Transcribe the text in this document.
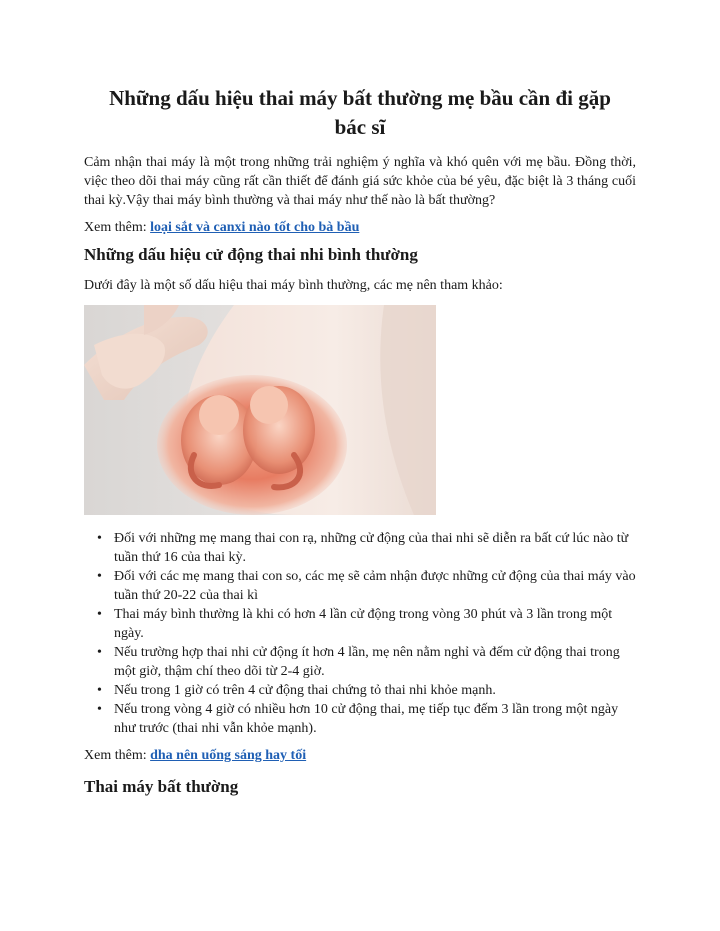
Những dấu hiệu thai máy bất thường mẹ bầu cần đi gặp bác sĩ

Cảm nhận thai máy là một trong những trải nghiệm ý nghĩa và khó quên với mẹ bầu. Đồng thời, việc theo dõi thai máy cũng rất cần thiết để đánh giá sức khỏe của bé yêu, đặc biệt là 3 tháng cuối thai kỳ.Vậy thai máy bình thường và thai máy như thế nào là bất thường?

Xem thêm: loại sắt và canxi nào tốt cho bà bầu

Những dấu hiệu cử động thai nhi bình thường

Dưới đây là một số dấu hiệu thai máy bình thường, các mẹ nên tham khảo:

• Đối với những mẹ mang thai con rạ, những cử động của thai nhi sẽ diễn ra bất cứ lúc nào từ tuần thứ 16 của thai kỳ.
• Đối với các mẹ mang thai con so, các mẹ sẽ cảm nhận được những cử động của thai máy vào tuần thứ 20-22 của thai kì
• Thai máy bình thường là khi có hơn 4 lần cử động trong vòng 30 phút và 3 lần trong một ngày.
• Nếu trường hợp thai nhi cử động ít hơn 4 lần, mẹ nên nằm nghỉ và đếm cử động thai trong một giờ, thậm chí theo dõi từ 2-4 giờ.
• Nếu trong 1 giờ có trên 4 cử động thai chứng tỏ thai nhi khỏe mạnh.
• Nếu trong vòng 4 giờ có nhiều hơn 10 cử động thai, mẹ tiếp tục đếm 3 lần trong một ngày như trước (thai nhi vẫn khỏe mạnh).

Xem thêm: dha nên uống sáng hay tối

Thai máy bất thường
